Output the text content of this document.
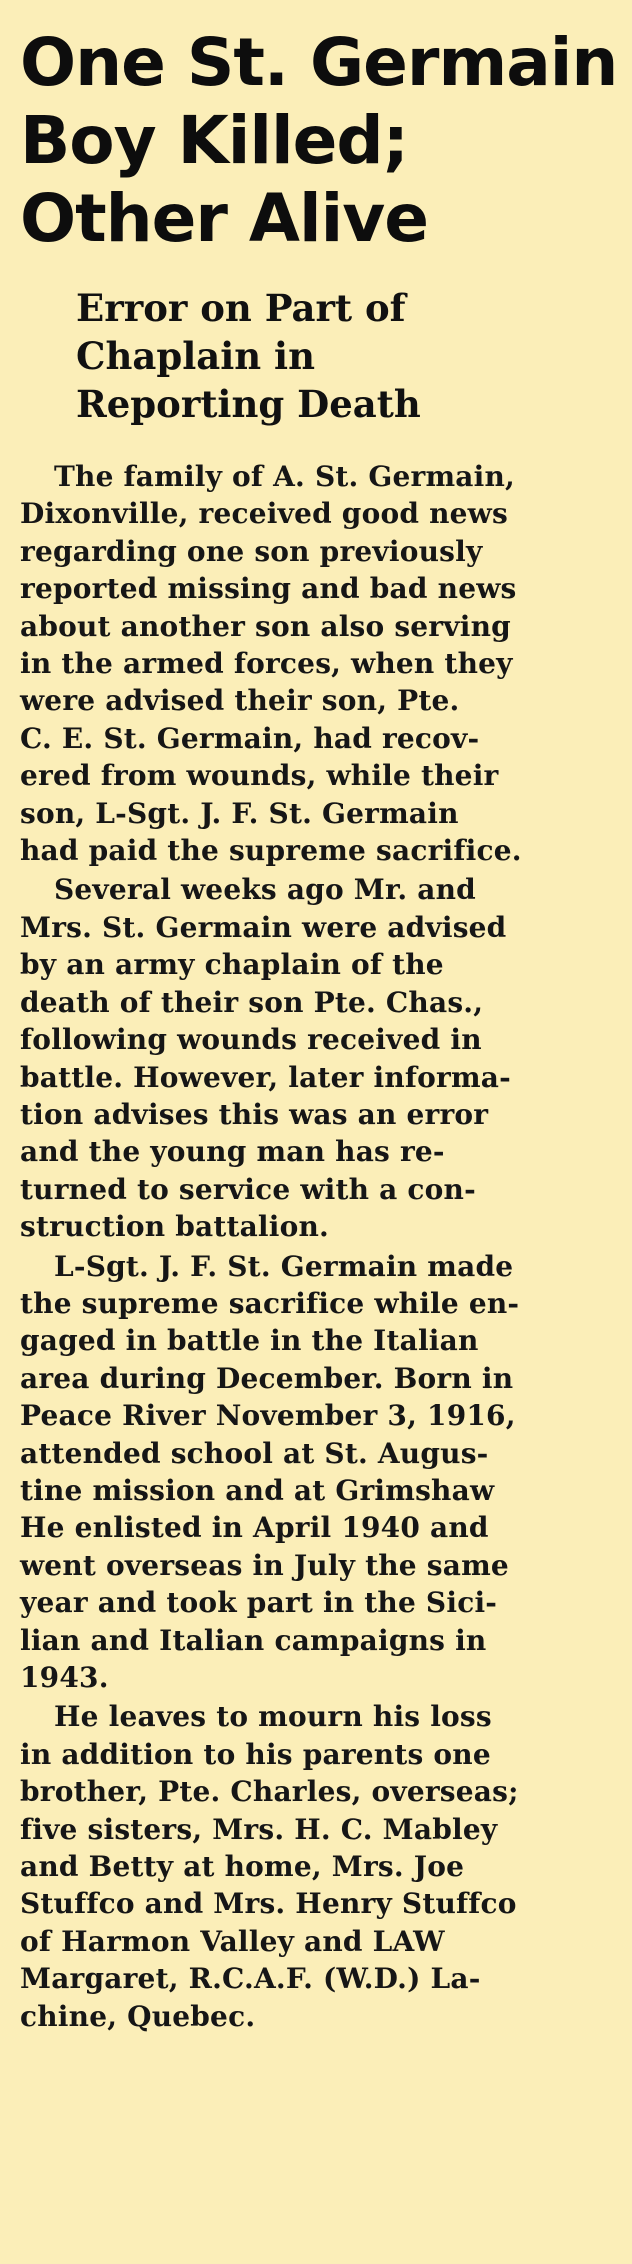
One St. Germain
Boy Killed;
Other Alive
Error on Part of
Chaplain in
Reporting Death
The family of A. St. Germain,
Dixonville, received good news
regarding one son previously
reported missing and bad news
about another son also serving
in the armed forces, when they
were advised their son, Pte.
C. E. St. Germain, had recov-
ered from wounds, while their
son, L-Sgt. J. F. St. Germain
had paid the supreme sacrifice.
Several weeks ago Mr. and
Mrs. St. Germain were advised
by an army chaplain of the
death of their son Pte. Chas.,
following wounds received in
battle. However, later informa-
tion advises this was an error
and the young man has re-
turned to service with a con-
struction battalion.
L-Sgt. J. F. St. Germain made
the supreme sacrifice while en-
gaged in battle in the Italian
area during December. Born in
Peace River November 3, 1916,
attended school at St. Augus-
tine mission and at Grimshaw
He enlisted in April 1940 and
went overseas in July the same
year and took part in the Sici-
lian and Italian campaigns in
1943.
He leaves to mourn his loss
in addition to his parents one
brother, Pte. Charles, overseas;
five sisters, Mrs. H. C. Mabley
and Betty at home, Mrs. Joe
Stuffco and Mrs. Henry Stuffco
of Harmon Valley and LAW
Margaret, R.C.A.F. (W.D.) La-
chine, Quebec.
